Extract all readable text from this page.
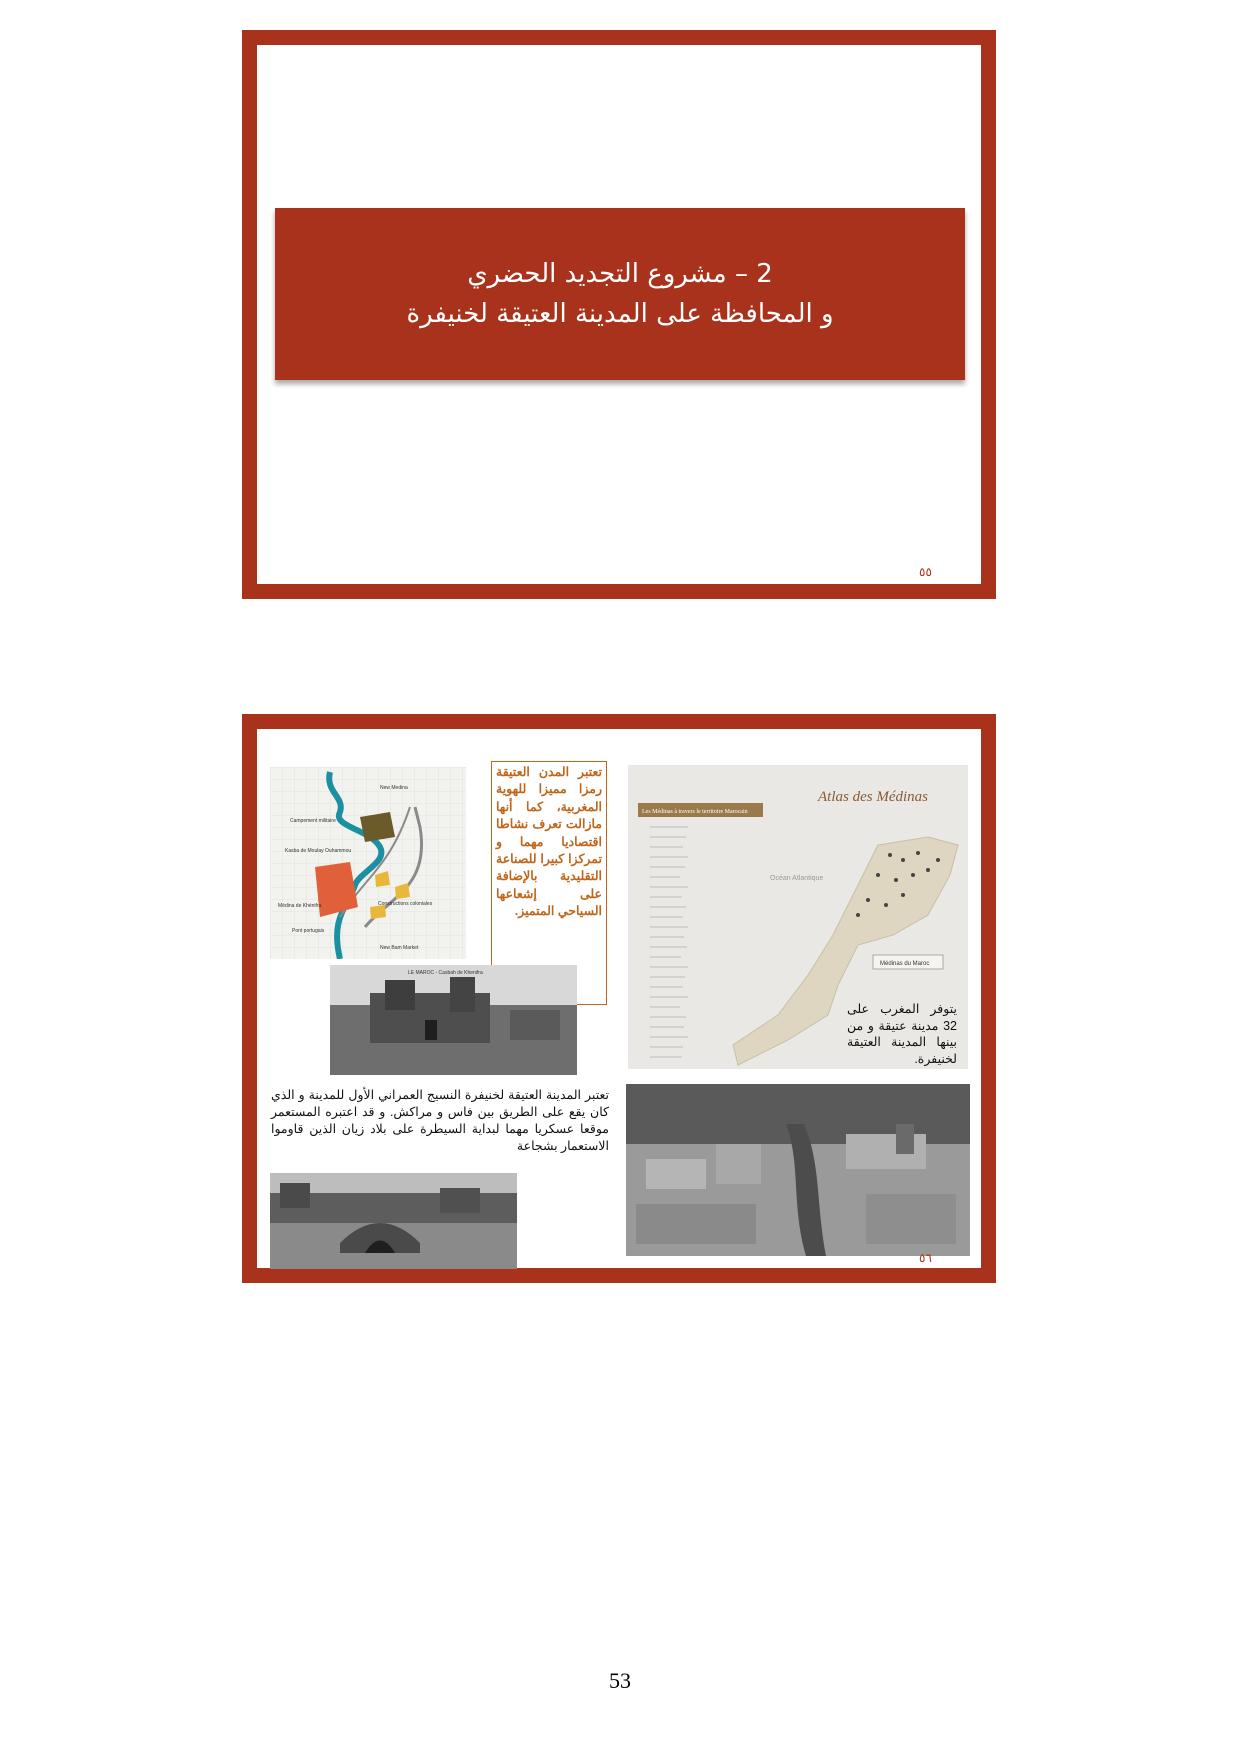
2 – مشروع التجديد الحضري
و المحافظة على المدينة العتيقة لخنيفرة
٥٥
New Medina
Campement militaire
Kasba de Moulay Ouhammou
Médina de Khénifra	Constructions coloniales
Pont portugais
New Bam Market
تعتبر المدن العتيقة رمزا مميزا للهوية المغربية، كما أنها مازالت تعرف نشاطا اقتصاديا مهما و تمركزا كبيرا للصناعة التقليدية بالإضافة على إشعاعها السياحي المتميز.
Les Médinas à travers le territoire Marocain
Atlas des Médinas
Océan Atlantique
Médinas du Maroc
يتوفر المغرب على 32 مدينة عتيقة و من بينها المدينة العتيقة لخنيفرة.
LE MAROC - Casbah de Khenifra
تعتبر المدينة العتيقة لخنيفرة النسيج العمراني الأول للمدينة و الذي كان يقع على الطريق بين فاس و مراكش. و قد اعتبره المستعمر موقعا عسكريا مهما لبداية السيطرة على بلاد زيان الذين قاوموا الاستعمار بشجاعة
٥٦
53
